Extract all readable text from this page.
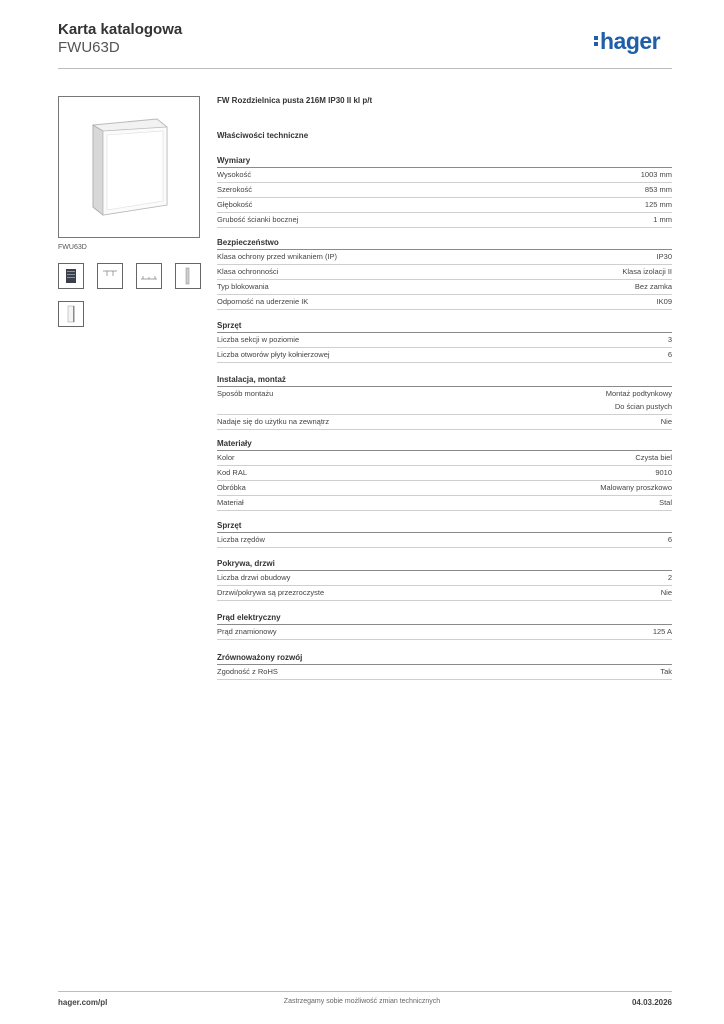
Karta katalogowa
FWU63D	hager
FWU63D
FW Rozdzielnica pusta 216M IP30 II kl p/t
Właściwości techniczne
Wymiary
Wysokość	1003 mm
Szerokość	853 mm
Głębokość	125 mm
Grubość ścianki bocznej	1 mm
Bezpieczeństwo
Klasa ochrony przed wnikaniem (IP)	IP30
Klasa ochronności	Klasa izolacji II
Typ blokowania	Bez zamka
Odporność na uderzenie IK	IK09
Sprzęt
Liczba sekcji w poziomie	3
Liczba otworów płyty kołnierzowej	6
Instalacja, montaż
Sposób montażu	Montaż podtynkowy
Do ścian pustych
Nadaje się do użytku na zewnątrz	Nie
Materiały
Kolor	Czysta biel
Kod RAL	9010
Obróbka	Malowany proszkowo
Materiał	Stal
Sprzęt
Liczba rzędów	6
Pokrywa, drzwi
Liczba drzwi obudowy	2
Drzwi/pokrywa są przezroczyste	Nie
Prąd elektryczny
Prąd znamionowy	125 A
Zrównoważony rozwój
Zgodność z RoHS	Tak
hager.com/pl	Zastrzegamy sobie możliwość zmian technicznych	04.03.2026
